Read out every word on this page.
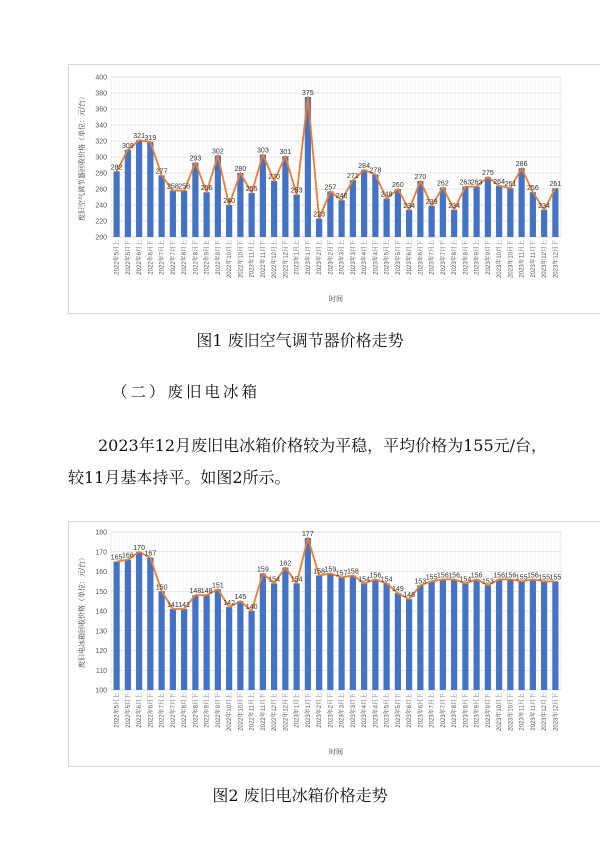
200
220
240
260
280
300
320
340
360
380
400
282
309
321 319
277
258 258
293
256
302
240
280
255
303
270
301
253
375
223
257
246
271
284
278
248
260
234
270
239
262
234
263 263
275
264 261
286
256
234
261
2022年5月上 2022年5月下 2022年6月上 2022年6月下 2022年7月上 2022年7月下 2022年8月上 2022年8月下 2022年9月上 2022年9月下 2022年10月上 2022年10月下 2022年11月上 2022年11月下 2022年12月上 2022年12月下 2023年1月上 2023年1月下 2023年2月上 2023年2月下 2023年3月上 2023年3月下 2023年4月上 2023年4月下 2023年5月上 2023年5月下 2023年6月上 2023年6月下 2023年7月上 2023年7月下 2023年8月上 2023年8月下 2023年9月上 2023年9月下 2023年10月上 2023年10月下 2023年11月上 2023年11月下 2023年12月上 2023年12月下
废旧空气调节器回收价格（单位：元/台）
时间
图1 废旧空气调节器价格走势
（二）废旧电冰箱
2023年12月废旧电冰箱价格较为平稳，平均价格为155元/台，
较11月基本持平。如图2所示。
100
110
120
130
140
150
160
170
180
165 166
170
167
150
141 141
148 148
151
142
145
140
159
154
162
154
177
158 159
157 158
154
156
154
149
146
153
155 156 156
154
156
153
156 156 155 156 155 155
2022年5月上 2022年5月下 2022年6月上 2022年6月下 2022年7月上 2022年7月下 2022年8月上 2022年8月下 2022年9月上 2022年9月下 2022年10月上 2022年10月下 2022年11月上 2022年11月下 2022年12月上 2022年12月下 2023年1月上 2023年1月下 2023年2月上 2023年2月下 2023年3月上 2023年3月下 2023年4月上 2023年4月下 2023年5月上 2023年5月下 2023年6月上 2023年6月下 2023年7月上 2023年7月下 2023年8月上 2023年8月下 2023年9月上 2023年9月下 2023年10月上 2023年10月下 2023年11月上 2023年11月下 2023年12月上 2023年12月下
废旧电冰箱回收价格（单位：元/台）
时间
图2 废旧电冰箱价格走势
